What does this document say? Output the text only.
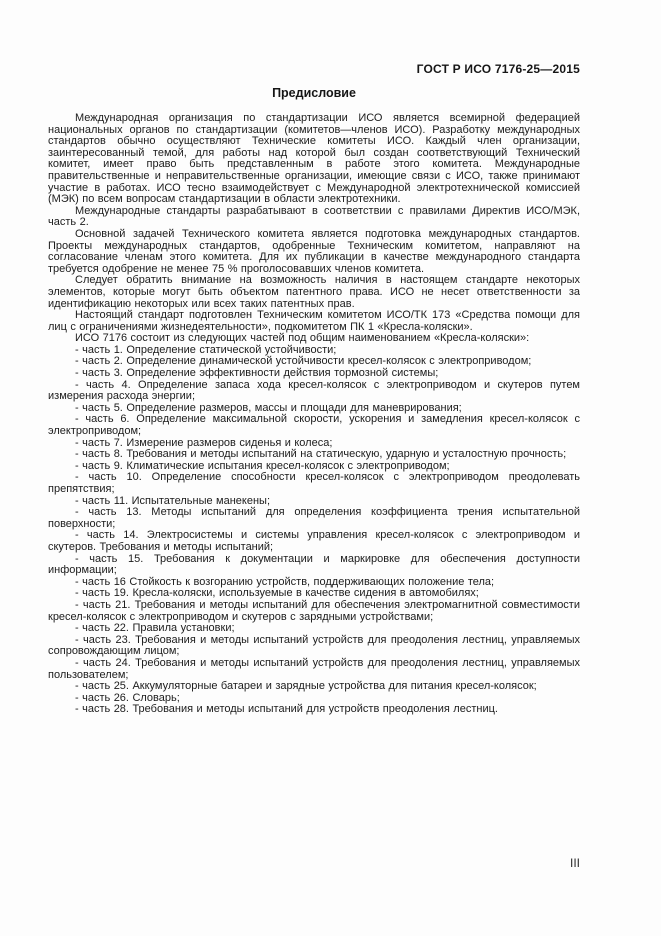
ГОСТ Р ИСО 7176-25—2015
Предисловие

Международная организация по стандартизации ИСО является всемирной федерацией национальных органов по стандартизации (комитетов—членов ИСО). Разработку международных стандартов обычно осуществляют Технические комитеты ИСО. Каждый член организации, заинтересованный темой, для работы над которой был создан соответствующий Технический комитет, имеет право быть представленным в работе этого комитета. Международные правительственные и неправительственные организации, имеющие связи с ИСО, также принимают участие в работах. ИСО тесно взаимодействует с Международной электротехнической комиссией (МЭК) по всем вопросам стандартизации в области электротехники.

Международные стандарты разрабатывают в соответствии с правилами Директив ИСО/МЭК, часть 2.

Основной задачей Технического комитета является подготовка международных стандартов. Проекты международных стандартов, одобренные Техническим комитетом, направляют на согласование членам этого комитета. Для их публикации в качестве международного стандарта требуется одобрение не менее 75 % проголосовавших членов комитета.

Следует обратить внимание на возможность наличия в настоящем стандарте некоторых элементов, которые могут быть объектом патентного права. ИСО не несет ответственности за идентификацию некоторых или всех таких патентных прав.

Настоящий стандарт подготовлен Техническим комитетом ИСО/ТК 173 «Средства помощи для лиц с ограничениями жизнедеятельности», подкомитетом ПК 1 «Кресла-коляски».

ИСО 7176 состоит из следующих частей под общим наименованием «Кресла-коляски»:

- часть 1. Определение статической устойчивости;

- часть 2. Определение динамической устойчивости кресел-колясок с электроприводом;

- часть 3. Определение эффективности действия тормозной системы;

- часть 4. Определение запаса хода кресел-колясок с электроприводом и скутеров путем измерения расхода энергии;

- часть 5. Определение размеров, массы и площади для маневрирования;

- часть 6. Определение максимальной скорости, ускорения и замедления кресел-колясок с электроприводом;

- часть 7. Измерение размеров сиденья и колеса;

- часть 8. Требования и методы испытаний на статическую, ударную и усталостную прочность;

- часть 9. Климатические испытания кресел-колясок с электроприводом;

- часть 10. Определение способности кресел-колясок с электроприводом преодолевать препятствия;

- часть 11. Испытательные манекены;

- часть 13. Методы испытаний для определения коэффициента трения испытательной поверхности;

- часть 14. Электросистемы и системы управления кресел-колясок с электроприводом и скутеров. Требования и методы испытаний;

- часть 15. Требования к документации и маркировке для обеспечения доступности информации;

- часть 16 Стойкость к возгоранию устройств, поддерживающих положение тела;

- часть 19. Кресла-коляски, используемые в качестве сидения в автомобилях;

- часть 21. Требования и методы испытаний для обеспечения электромагнитной совместимости кресел-колясок с электроприводом и скутеров с зарядными устройствами;

- часть 22. Правила установки;

- часть 23. Требования и методы испытаний устройств для преодоления лестниц, управляемых сопровождающим лицом;

- часть 24. Требования и методы испытаний устройств для преодоления лестниц, управляемых пользователем;

- часть 25. Аккумуляторные батареи и зарядные устройства для питания кресел-колясок;

- часть 26. Словарь;

- часть 28. Требования и методы испытаний для устройств преодоления лестниц.

III
